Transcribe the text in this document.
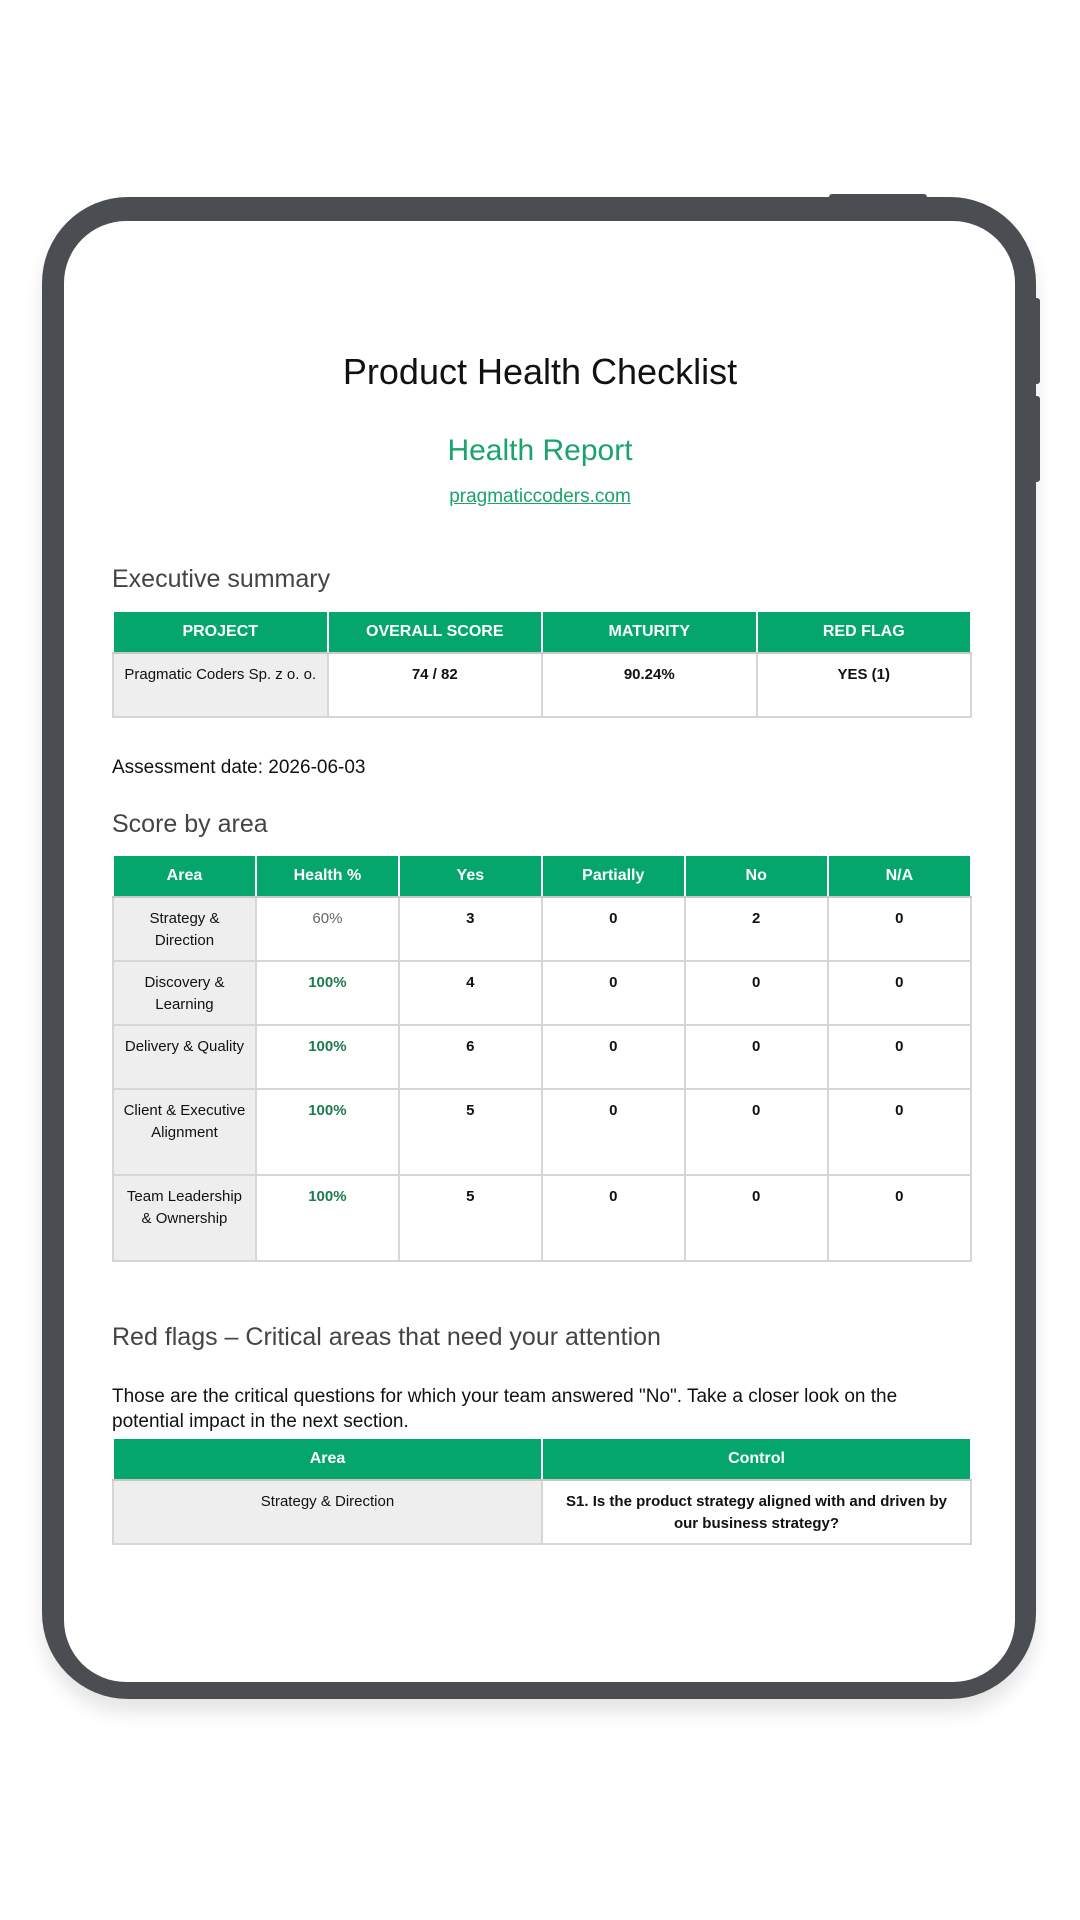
Product Health Checklist
Health Report
pragmaticcoders.com
Executive summary
PROJECT	OVERALL SCORE	MATURITY	RED FLAG
Pragmatic Coders Sp. z o. o.	74 / 82	90.24%	YES (1)
Assessment date: 2026-06-03
Score by area
Area	Health %	Yes	Partially	No	N/A
Strategy & Direction	60%	3	0	2	0
Discovery & Learning	100%	4	0	0	0
Delivery & Quality	100%	6	0	0	0
Client & Executive Alignment	100%	5	0	0	0
Team Leadership & Ownership	100%	5	0	0	0
Red flags – Critical areas that need your attention
Those are the critical questions for which your team answered "No". Take a closer look on the potential impact in the next section.
Area	Control
Strategy & Direction	S1. Is the product strategy aligned with and driven by our business strategy?
